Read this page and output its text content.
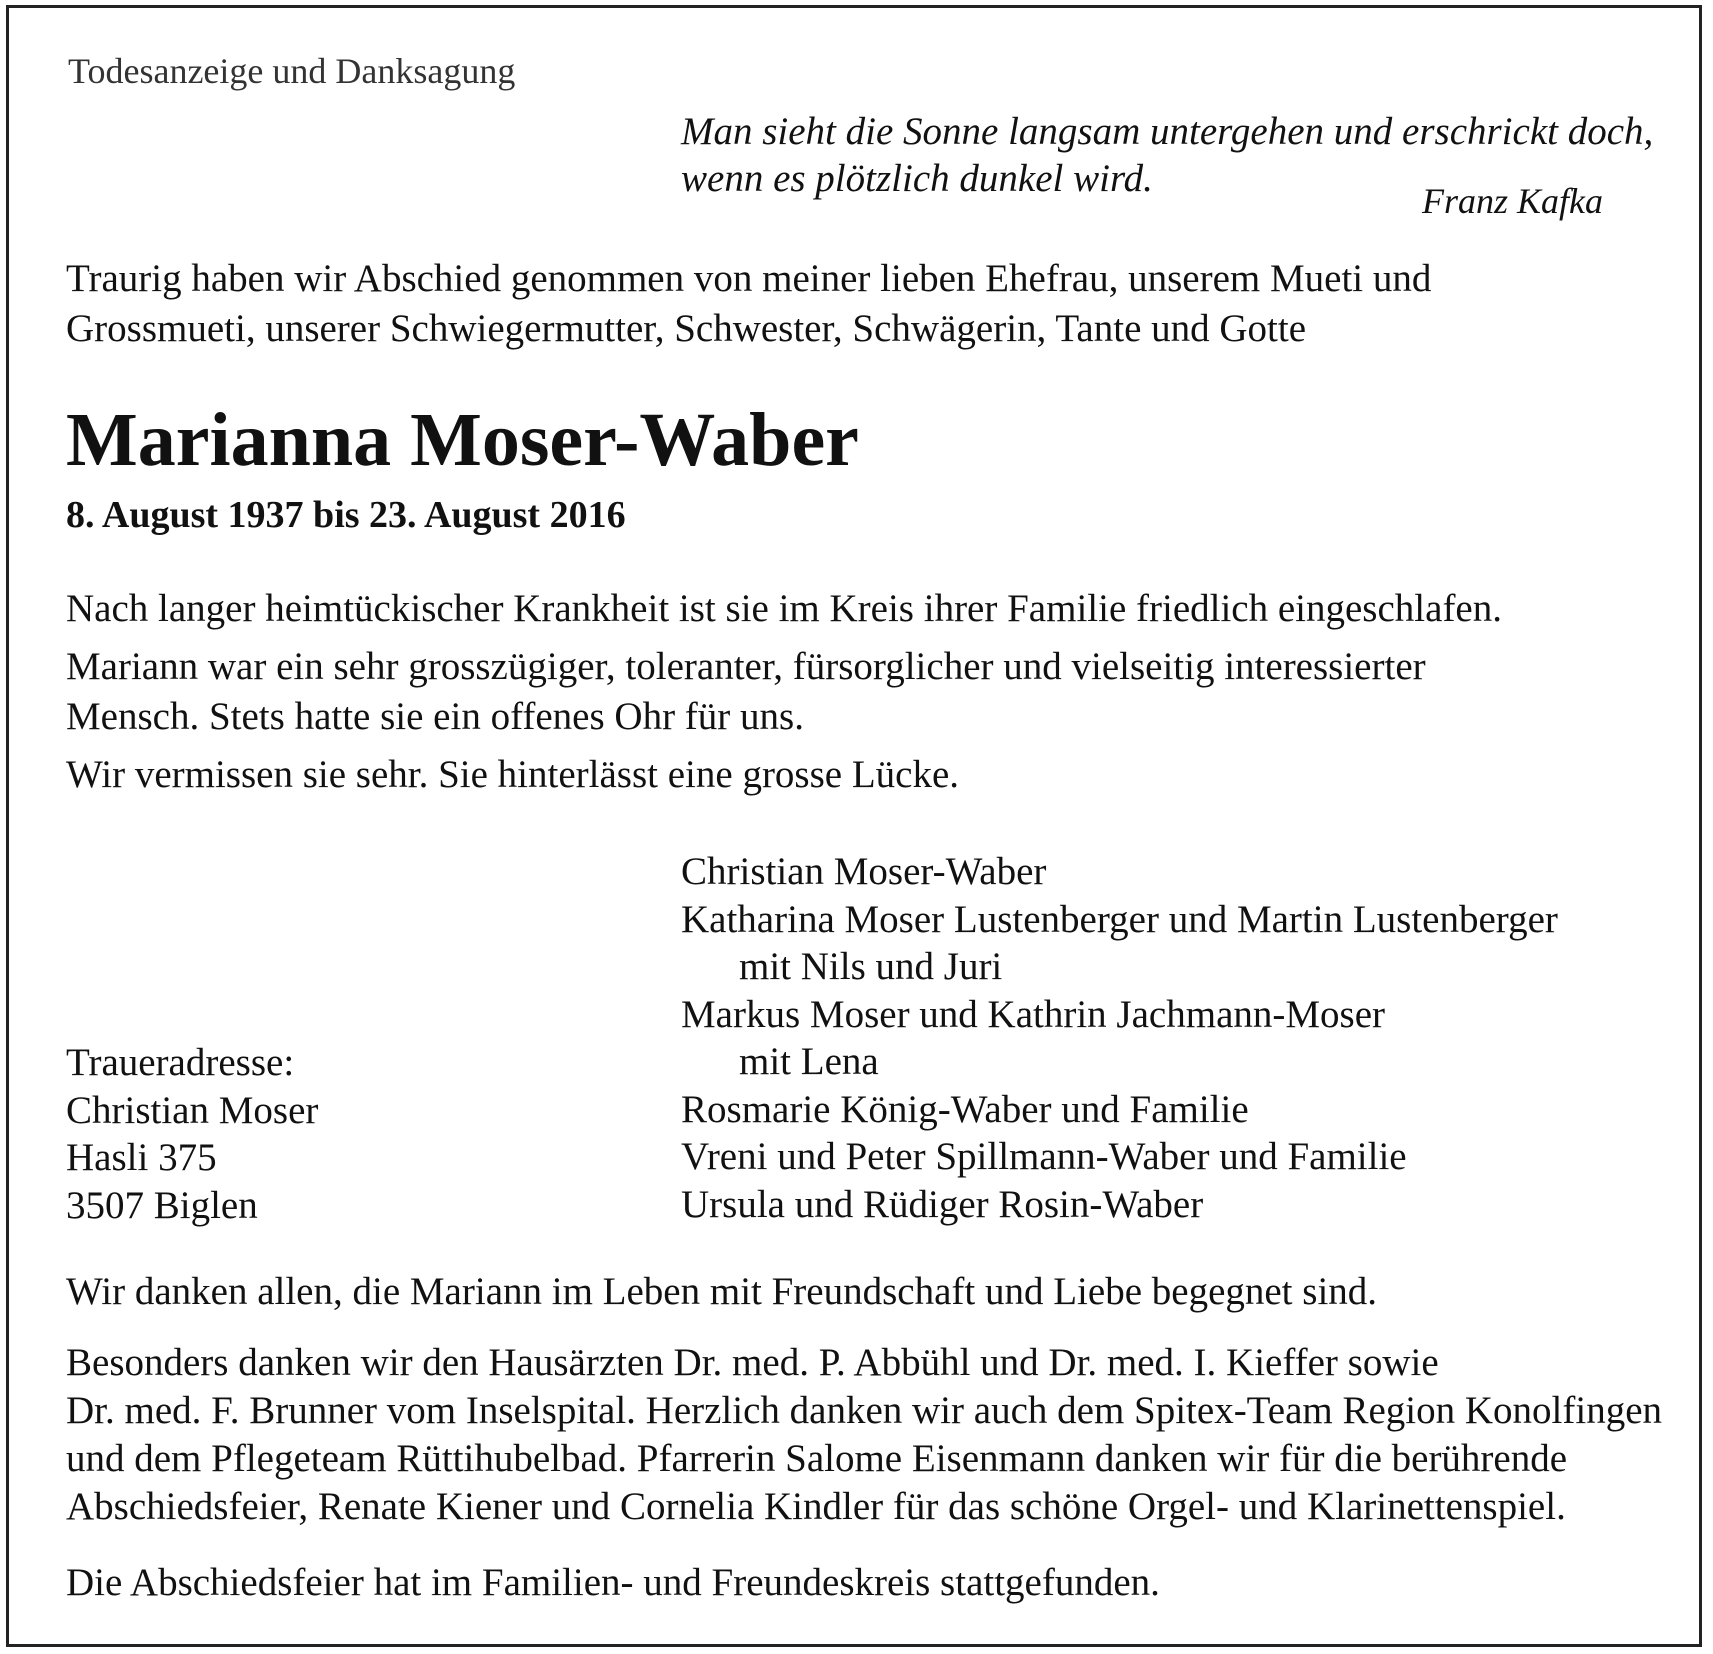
Todesanzeige und Danksagung
Man sieht die Sonne langsam untergehen und erschrickt doch,
wenn es plötzlich dunkel wird.
Franz Kafka
Traurig haben wir Abschied genommen von meiner lieben Ehefrau, unserem Mueti und
Grossmueti, unserer Schwiegermutter, Schwester, Schwägerin, Tante und Gotte
Marianna Moser-Waber
8. August 1937 bis 23. August 2016
Nach langer heimtückischer Krankheit ist sie im Kreis ihrer Familie friedlich eingeschlafen.
Mariann war ein sehr grosszügiger, toleranter, fürsorglicher und vielseitig interessierter
Mensch. Stets hatte sie ein offenes Ohr für uns.
Wir vermissen sie sehr. Sie hinterlässt eine grosse Lücke.
Christian Moser-Waber
Katharina Moser Lustenberger und Martin Lustenberger
mit Nils und Juri
Markus Moser und Kathrin Jachmann-Moser
mit Lena
Rosmarie König-Waber und Familie
Vreni und Peter Spillmann-Waber und Familie
Ursula und Rüdiger Rosin-Waber
Traueradresse:
Christian Moser
Hasli 375
3507 Biglen
Wir danken allen, die Mariann im Leben mit Freundschaft und Liebe begegnet sind.
Besonders danken wir den Hausärzten Dr. med. P. Abbühl und Dr. med. I. Kieffer sowie
Dr. med. F. Brunner vom Inselspital. Herzlich danken wir auch dem Spitex-Team Region Konolfingen
und dem Pflegeteam Rüttihubelbad. Pfarrerin Salome Eisenmann danken wir für die berührende
Abschiedsfeier, Renate Kiener und Cornelia Kindler für das schöne Orgel- und Klarinettenspiel.
Die Abschiedsfeier hat im Familien- und Freundeskreis stattgefunden.
